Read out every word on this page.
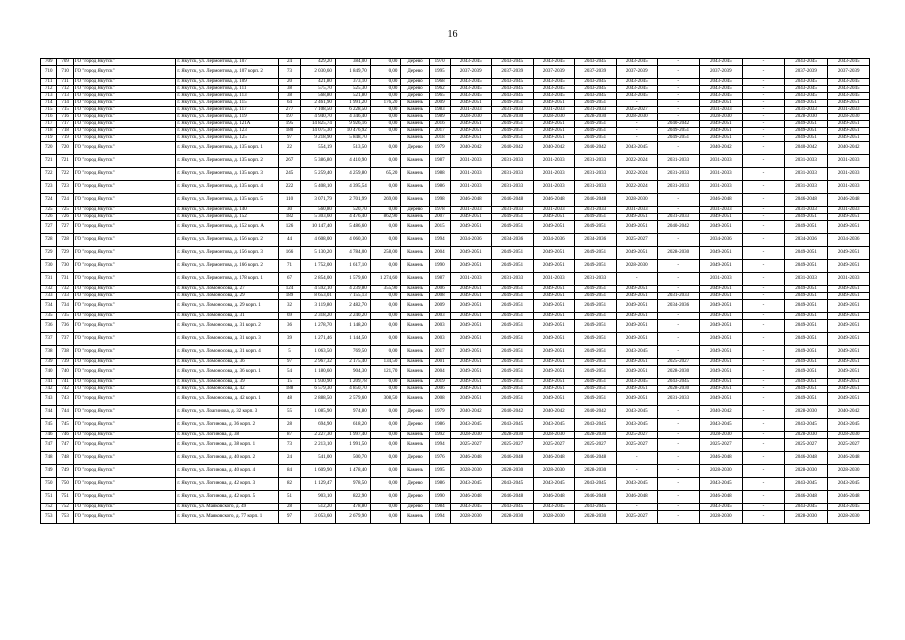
16
709	709	ГО "город Якутск"	г. Якутск, ул. Лермонтова, д. 107	24	429,20	384,00	0,00	Дерево	1970	2043-2045	2043-2045	2043-2045	2043-2045	2043-2045	-	2043-2045	-	2043-2045	2043-2045
710	710	ГО "город Якутск"	г. Якутск, ул. Лермонтова, д. 107 корп. 2	73	2 030,60	1 849,70	0,00	Дерево	1995	2037-2039	2037-2039	2037-2039	2037-2039	2037-2039	-	2037-2039	-	2037-2039	2037-2039
711	711	ГО "город Якутск"	г. Якутск, ул. Лермонтова, д. 109	20	421,80	373,10	0,00	Дерево	1968	2043-2045	2043-2045	2043-2045	2043-2045	2043-2045	-	2043-2045	-	2043-2045	2043-2045
712	712	ГО "город Якутск"	г. Якутск, ул. Лермонтова, д. 111	38	575,70	525,30	0,00	Дерево	1962	2043-2045	2043-2045	2043-2045	2043-2045	2043-2045	-	2043-2045	-	2043-2045	2043-2045
713	713	ГО "город Якутск"	г. Якутск, ул. Лермонтова, д. 113	38	568,80	521,80	0,00	Дерево	1965	2043-2045	2043-2045	2043-2045	2043-2045	2043-2045	-	2043-2045	-	2043-2045	2043-2045
714	714	ГО "город Якутск"	г. Якутск, ул. Лермонтова, д. 115	64	2 461,90	1 991,20	176,20	Камень	2009	2049-2051	2049-2051	2049-2051	2049-2051	-	-	2049-2051	-	2049-2051	2049-2051
715	715	ГО "город Якутск"	г. Якутск, ул. Лермонтова, д. 117	277	7 108,50	6 228,50	0,00	Камень	1983	2031-2033	2031-2033	2031-2033	2031-2033	2025-2027	-	2031-2033	-	2031-2033	2031-2033
716	716	ГО "город Якутск"	г. Якутск, ул. Лермонтова, д. 119	197	4 940,70	4 346,40	0,00	Камень	1989	2028-2030	2028-2030	2028-2030	2028-2030	2028-2030	-	2028-2030	-	2028-2030	2028-2030
717	717	ГО "город Якутск"	г. Якутск, ул. Лермонтова, д. 121А	195	14 825,74	9 926,16	0,00	Камень	2016	2049-2051	2049-2051	2049-2051	2049-2051	-	2040-2042	2049-2051	-	2049-2051	2049-2051
718	718	ГО "город Якутск"	г. Якутск, ул. Лермонтова, д. 123	180	14 075,30	10 476,92	0,00	Камень	2017	2049-2051	2049-2051	2049-2051	2049-2051	-	2049-2051	2049-2051	-	2049-2051	2049-2051
719	719	ГО "город Якутск"	г. Якутск, ул. Лермонтова, д. 125	97	9 218,90	5 848,70		Камень	2018	2049-2051	2049-2051	2049-2051	2049-2051	-	2049-2051	2049-2051	-	2049-2051	2049-2051
720	720	ГО "город Якутск"	г. Якутск, ул. Лермонтова, д. 135 корп. 1	22	554,19	513,50	0,00	Дерево	1979	2040-2042	2040-2042	2040-2042	2040-2042	2043-2045	-	2040-2042	-	2040-2042	2040-2042
721	721	ГО "город Якутск"	г. Якутск, ул. Лермонтова, д. 135 корп. 2	267	5 386,80	4 410,90	0,00	Камень	1987	2031-2033	2031-2033	2031-2033	2031-2033	2022-2024	2031-2033	2031-2033	-	2031-2033	2031-2033
722	722	ГО "город Якутск"	г. Якутск, ул. Лермонтова, д. 135 корп. 3	245	5 259,40	4 259,80	65,20	Камень	1988	2031-2033	2031-2033	2031-2033	2031-2033	2022-2024	2031-2033	2031-2033	-	2031-2033	2031-2033
723	723	ГО "город Якутск"	г. Якутск, ул. Лермонтова, д. 135 корп. 4	222	5 408,10	4 395,54	0,00	Камень	1986	2031-2033	2031-2033	2031-2033	2031-2033	2022-2024	2031-2033	2031-2033	-	2031-2033	2031-2033
724	724	ГО "город Якутск"	г. Якутск, ул. Лермонтова, д. 135 корп. 5	110	3 071,79	2 701,99	269,00	Камень	1998	2046-2048	2046-2048	2046-2048	2046-2048	2028-2030	-	2046-2048	-	2046-2048	2046-2048
725	725	ГО "город Якутск"	г. Якутск, ул. Лермонтова, д. 140	30	560,80	520,70	0,00	Дерево	1978	2031-2033	2031-2033	2031-2033	2031-2033	2031-2033	-	2031-2033	-	2031-2033	2031-2033
726	726	ГО "город Якутск"	г. Якутск, ул. Лермонтова, д. 152	182	5 303,60	4 476,40	862,90	Камень	2007	2049-2051	2049-2051	2049-2051	2049-2051	2049-2051	2031-2033	2049-2051	-	2049-2051	2049-2051
727	727	ГО "город Якутск"	г. Якутск, ул. Лермонтова, д. 152 корп. А	126	10 147,40	5 486,60	0,00	Камень	2015	2049-2051	2049-2051	2049-2051	2049-2051	2049-2051	2040-2042	2049-2051	-	2049-2051	2049-2051
728	728	ГО "город Якутск"	г. Якутск, ул. Лермонтова, д. 156 корп. 2	44	4 608,00	4 060,30	0,00	Камень	1994	2034-2036	2034-2036	2034-2036	2034-2036	2025-2027	-	2034-2036	-	2034-2036	2034-2036
729	729	ГО "город Якутск"	г. Якутск, ул. Лермонтова, д. 156 корп. 3	166	5 130,20	4 784,00	258,00	Камень	2004	2049-2051	2049-2051	2049-2051	2049-2051	2049-2051	2028-2030	2049-2051	-	2049-2051	2049-2051
730	730	ГО "город Якутск"	г. Якутск, ул. Лермонтова, д. 166 корп. 2	71	1 752,00	1 617,10	0,00	Камень	1990	2049-2051	2049-2051	2049-2051	2049-2051	2028-2030	-	2049-2051	-	2049-2051	2049-2051
731	731	ГО "город Якутск"	г. Якутск, ул. Лермонтова, д. 178 корп. 1	67	2 854,00	1 579,60	1 274,60	Камень	1987	2031-2033	2031-2033	2031-2033	2031-2033	-	-	2031-2033	-	2031-2033	2031-2033
732	732	ГО "город Якутск"	г. Якутск, ул. Ломоносова, д. 27	124	4 592,10	4 239,80	355,90	Камень	2006	2049-2051	2049-2051	2049-2051	2049-2051	2049-2051	-	2049-2051	-	2049-2051	2049-2051
733	733	ГО "город Якутск"	г. Якутск, ул. Ломоносова, д. 29	189	8 653,01	7 155,13	0,00	Камень	2008	2049-2051	2049-2051	2049-2051	2049-2051	2049-2051	2031-2033	2049-2051	-	2049-2051	2049-2051
734	734	ГО "город Якутск"	г. Якутск, ул. Ломоносова, д. 29 корп. 1	32	3 119,80	2 482,70	0,00	Камень	2009	2049-2051	2049-2051	2049-2051	2049-2051	2049-2051	2034-2036	2049-2051	-	2049-2051	2049-2051
735	735	ГО "город Якутск"	г. Якутск, ул. Ломоносова, д. 31	69	2 318,20	2 240,20	0,00	Камень	2003	2049-2051	2049-2051	2049-2051	2049-2051	2049-2051	-	2049-2051	-	2049-2051	2049-2051
736	736	ГО "город Якутск"	г. Якутск, ул. Ломоносова, д. 31 корп. 2	36	1 278,70	1 148,20	0,00	Камень	2003	2049-2051	2049-2051	2049-2051	2049-2051	2049-2051	-	2049-2051	-	2049-2051	2049-2051
737	737	ГО "город Якутск"	г. Якутск, ул. Ломоносова, д. 31 корп. 3	39	1 271,46	1 144,50	0,00	Камень	2003	2049-2051	2049-2051	2049-2051	2049-2051	2049-2051	-	2049-2051	-	2049-2051	2049-2051
738	738	ГО "город Якутск"	г. Якутск, ул. Ломоносова, д. 31 корп. 4	5	1 063,50	769,50	0,00	Камень	2017	2049-2051	2049-2051	2049-2051	2049-2051	2043-2045	-	2049-2051	-	2049-2051	2049-2051
739	739	ГО "город Якутск"	г. Якутск, ул. Ломоносова, д. 36	97	2 967,32	2 175,40	134,50	Камень	2001	2049-2051	2049-2051	2049-2051	2049-2051	2049-2051	2025-2027	2049-2051	-	2049-2051	2049-2051
740	740	ГО "город Якутск"	г. Якутск, ул. Ломоносова, д. 36 корп. 1	54	1 180,60	904,30	121,70	Камень	2004	2049-2051	2049-2051	2049-2051	2049-2051	2049-2051	2028-2030	2049-2051	-	2049-2051	2049-2051
741	741	ГО "город Якутск"	г. Якутск, ул. Ломоносова, д. 39	15	1 930,90	1 209,78	0,00	Камень	2019	2049-2051	2049-2051	2049-2051	2049-2051	2043-2045	2043-2045	2049-2051	-	2049-2051	2049-2051
742	742	ГО "город Якутск"	г. Якутск, ул. Ломоносова, д. 42	188	6 579,30	4 850,70	0,00	Камень	2006	2049-2051	2049-2051	2049-2051	2049-2051	2049-2051	2028-2030	2049-2051	-	2049-2051	2049-2051
743	743	ГО "город Якутск"	г. Якутск, ул. Ломоносова, д. 42 корп. 1	48	2 888,50	2 579,60	308,50	Камень	2008	2049-2051	2049-2051	2049-2051	2049-2051	2049-2051	2031-2033	2049-2051	-	2049-2051	2049-2051
744	744	ГО "город Якутск"	г. Якутск, ул. Лоагинова, д. 32 корп. 3	55	1 085,90	974,80	0,00	Дерево	1979	2040-2042	2040-2042	2040-2042	2040-2042	2043-2045	-	2040-2042	-	2028-2030	2040-2042
745	745	ГО "город Якутск"	г. Якутск, ул. Логинова, д. 36 корп. 2	28	694,90	618,20	0,00	Дерево	1986	2043-2045	2043-2045	2043-2045	2043-2045	2043-2045	-	2043-2045	-	2043-2045	2043-2045
746	746	ГО "город Якутск"	г. Якутск, ул. Логинова, д. 38	87	2 227,30	1 997,40	0,00	Камень	1992	2028-2030	2028-2030	2028-2030	2028-2030	2025-2027	-	2028-2030	-	2028-2030	2028-2030
747	747	ГО "город Якутск"	г. Якутск, ул. Логинова, д. 38 корп. 1	73	2 213,10	1 991,50	0,00	Камень	1994	2025-2027	2025-2027	2025-2027	2025-2027	2025-2027	-	2025-2027	-	2025-2027	2025-2027
748	748	ГО "город Якутск"	г. Якутск, ул. Логинова, д. 40 корп. 2	24	541,00	500,70	0,00	Дерево	1976	2046-2048	2046-2048	2046-2048	2046-2048	-	-	2046-2048	-	2046-2048	2046-2048
749	749	ГО "город Якутск"	г. Якутск, ул. Логинова, д. 40 корп. 4	84	1 609,90	1 478,40	0,00	Камень	1995	2028-2030	2028-2030	2028-2030	2028-2030	-	-	2028-2030	-	2028-2030	2028-2030
750	750	ГО "город Якутск"	г. Якутск, ул. Логинова, д. 42 корп. 3	82	1 129,47	978,50	0,00	Дерево	1986	2043-2045	2043-2045	2043-2045	2043-2045	2043-2045	-	2043-2045	-	2043-2045	2043-2045
751	751	ГО "город Якутск"	г. Якутск, ул. Логинова, д. 42 корп. 5	51	903,10	822,90	0,00	Дерево	1990	2046-2048	2046-2048	2046-2048	2046-2048	2046-2048	-	2046-2048	-	2046-2048	2046-2048
752	752	ГО "город Якутск"	г. Якутск, ул. Маяковского, д. 49	28	512,20	478,80	0,00	Дерево	1984	2043-2045	2043-2045	2043-2045	2043-2045	-	-	2043-2045	-	2043-2045	2043-2045
753	753	ГО "город Якутск"	г. Якутск, ул. Маяковского, д. 77 корп. 1	97	3 053,60	2 679,90	0,00	Камень	1994	2028-2030	2028-2030	2028-2030	2028-2030	2025-2027	-	2028-2030	-	2028-2030	2028-2030
